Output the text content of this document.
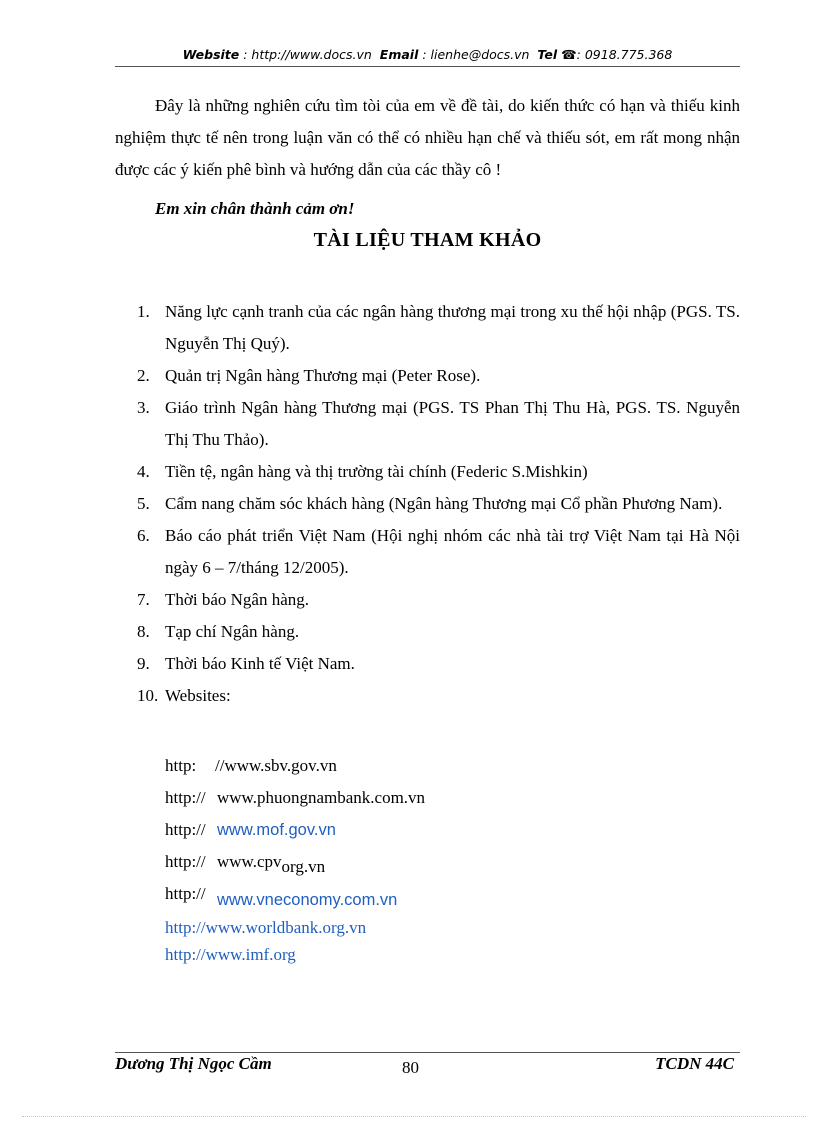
Website : http://www.docs.vn Email : lienhe@docs.vn Tel ☎: 0918.775.368

Đây là những nghiên cứu tìm tòi của em về đề tài, do kiến thức có hạn và thiếu kinh nghiệm thực tế nên trong luận văn có thể có nhiều hạn chế và thiếu sót, em rất mong nhận được các ý kiến phê bình và hướng dẫn của các thầy cô !

Em xin chân thành cảm ơn!
TÀI LIỆU THAM KHẢO
1. Năng lực cạnh tranh của các ngân hàng thương mại trong xu thế hội nhập (PGS. TS. Nguyễn Thị Quý).
2. Quản trị Ngân hàng Thương mại (Peter Rose).
3. Giáo trình Ngân hàng Thương mại (PGS. TS Phan Thị Thu Hà, PGS. TS. Nguyễn Thị Thu Thảo).
4. Tiền tệ, ngân hàng và thị trường tài chính (Federic S.Mishkin)
5. Cẩm nang chăm sóc khách hàng (Ngân hàng Thương mại Cổ phần Phương Nam).
6. Báo cáo phát triển Việt Nam (Hội nghị nhóm các nhà tài trợ Việt Nam tại Hà Nội ngày 6 – 7/tháng 12/2005).
7. Thời báo Ngân hàng.
8. Tạp chí Ngân hàng.
9. Thời báo Kinh tế Việt Nam.
10. Websites:
http:	//www.sbv.gov.vn
http:// www.phuongnambank.com.vn
http:// www.mof.gov.vn
http:// www.cpv org.vn
http:// www.vneconomy.com.vn
http://www.worldbank.org.vn
http://www.imf.org
Dương Thị Ngọc Cầm	80	TCDN 44C
